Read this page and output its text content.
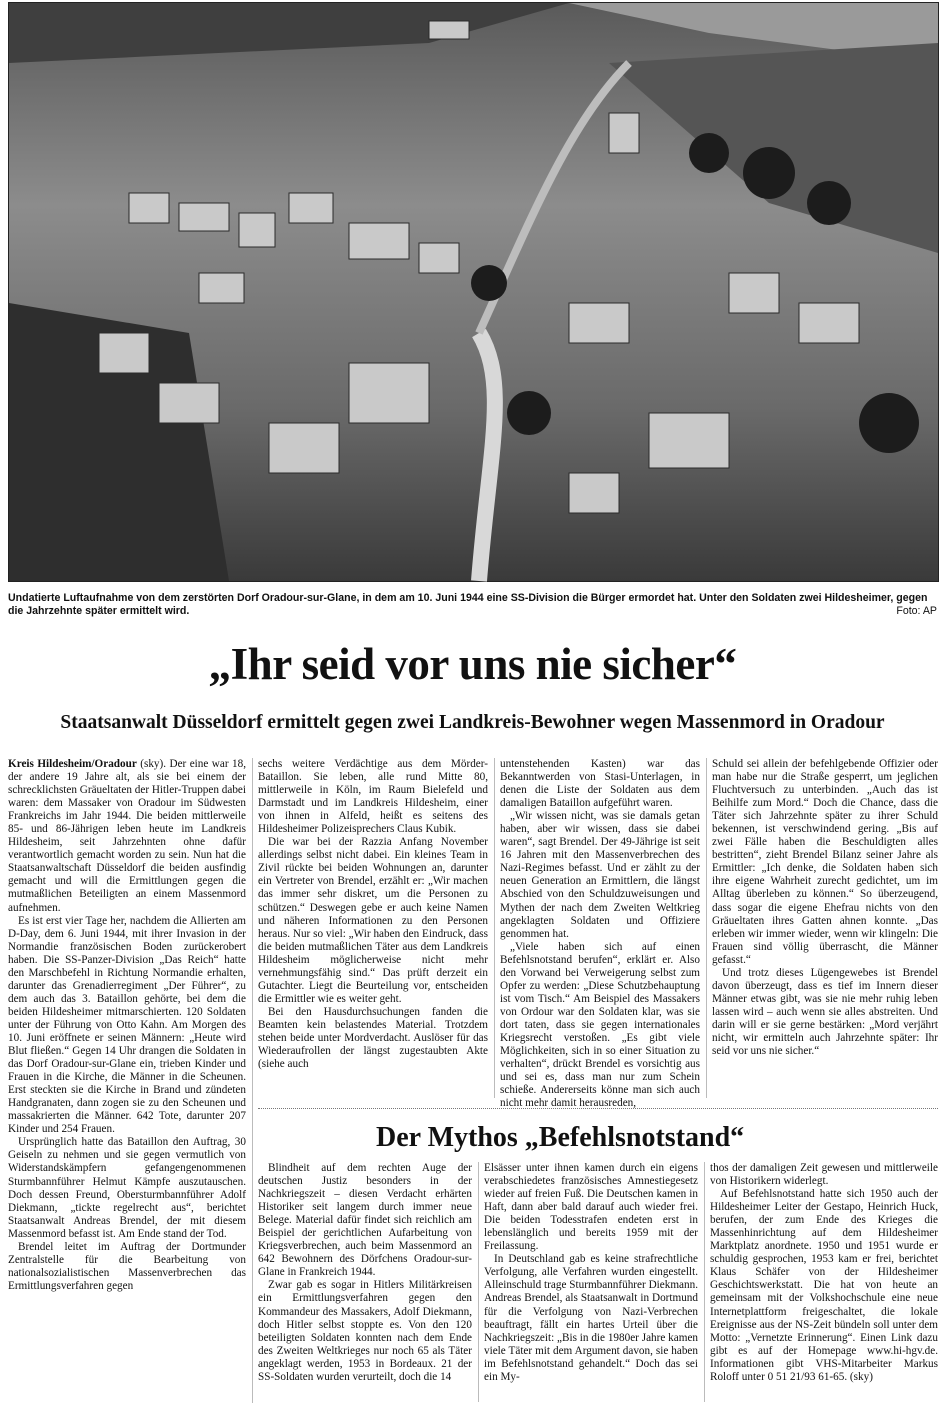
Undatierte Luftaufnahme von dem zerstörten Dorf Oradour-sur-Glane, in dem am 10. Juni 1944 eine SS-Division die Bürger ermordet hat. Unter den Soldaten zwei Hildesheimer, gegen die Jahrzehnte später ermittelt wird.	Foto: AP
„Ihr seid vor uns nie sicher“
Staatsanwalt Düsseldorf ermittelt gegen zwei Landkreis-Bewohner wegen Massenmord in Oradour

Kreis Hildesheim/Oradour (sky). Der eine war 18, der andere 19 Jahre alt, als sie bei einem der schrecklichsten Gräueltaten der Hitler-Truppen dabei waren: dem Massaker von Oradour im Südwesten Frankreichs im Jahr 1944. Die beiden mittlerweile 85- und 86-Jährigen leben heute im Landkreis Hildesheim, seit Jahrzehnten ohne dafür verantwortlich gemacht worden zu sein. Nun hat die Staatsanwaltschaft Düsseldorf die beiden ausfindig gemacht und will die Ermittlungen gegen die mutmaßlichen Beteiligten an einem Massenmord aufnehmen.

Es ist erst vier Tage her, nachdem die Allierten am D-Day, dem 6. Juni 1944, mit ihrer Invasion in der Normandie französischen Boden zurückerobert haben. Die SS-Panzer-Division „Das Reich“ hatte den Marschbefehl in Richtung Normandie erhalten, darunter das Grenadierregiment „Der Führer“, zu dem auch das 3. Bataillon gehörte, bei dem die beiden Hildesheimer mitmarschierten. 120 Soldaten unter der Führung von Otto Kahn. Am Morgen des 10. Juni eröffnete er seinen Männern: „Heute wird Blut fließen.“ Gegen 14 Uhr drangen die Soldaten in das Dorf Oradour-sur-Glane ein, trieben Kinder und Frauen in die Kirche, die Männer in die Scheunen. Erst steckten sie die Kirche in Brand und zündeten Handgranaten, dann zogen sie zu den Scheunen und massakrierten die Männer. 642 Tote, darunter 207 Kinder und 254 Frauen.

Ursprünglich hatte das Bataillon den Auftrag, 30 Geiseln zu nehmen und sie gegen vermutlich von Widerstandskämpfern gefangengenommenen Sturmbannführer Helmut Kämpfe auszutauschen. Doch dessen Freund, Obersturmbannführer Adolf Diekmann, „tickte regelrecht aus“, berichtet Staatsanwalt Andreas Brendel, der mit diesem Massenmord befasst ist. Am Ende stand der Tod.

Brendel leitet im Auftrag der Dortmunder Zentralstelle für die Bearbeitung von nationalsozialistischen Massenverbrechen das Ermittlungsverfahren gegen

sechs weitere Verdächtige aus dem Mörder-Bataillon. Sie leben, alle rund Mitte 80, mittlerweile in Köln, im Raum Bielefeld und Darmstadt und im Landkreis Hildesheim, einer von ihnen in Alfeld, heißt es seitens des Hildesheimer Polizeisprechers Claus Kubik.

Die war bei der Razzia Anfang November allerdings selbst nicht dabei. Ein kleines Team in Zivil rückte bei beiden Wohnungen an, darunter ein Vertreter von Brendel, erzählt er: „Wir machen das immer sehr diskret, um die Personen zu schützen.“ Deswegen gebe er auch keine Namen und näheren Informationen zu den Personen heraus. Nur so viel: „Wir haben den Eindruck, dass die beiden mutmaßlichen Täter aus dem Landkreis Hildesheim möglicherweise nicht mehr vernehmungsfähig sind.“ Das prüft derzeit ein Gutachter. Liegt die Beurteilung vor, entscheiden die Ermittler wie es weiter geht.

Bei den Hausdurchsuchungen fanden die Beamten kein belastendes Material. Trotzdem stehen beide unter Mordverdacht. Auslöser für das Wiederaufrollen der längst zugestaubten Akte (siehe auch

untenstehenden Kasten) war das Bekanntwerden von Stasi-Unterlagen, in denen die Liste der Soldaten aus dem damaligen Bataillon aufgeführt waren.

„Wir wissen nicht, was sie damals getan haben, aber wir wissen, dass sie dabei waren“, sagt Brendel. Der 49-Jährige ist seit 16 Jahren mit den Massenverbrechen des Nazi-Regimes befasst. Und er zählt zu der neuen Generation an Ermittlern, die längst Abschied von den Schuldzuweisungen und Mythen der nach dem Zweiten Weltkrieg angeklagten Soldaten und Offiziere genommen hat.

„Viele haben sich auf einen Befehlsnotstand berufen“, erklärt er. Also den Vorwand bei Verweigerung selbst zum Opfer zu werden: „Diese Schutzbehauptung ist vom Tisch.“ Am Beispiel des Massakers von Ordour war den Soldaten klar, was sie dort taten, dass sie gegen internationales Kriegsrecht verstoßen. „Es gibt viele Möglichkeiten, sich in so einer Situation zu verhalten“, drückt Brendel es vorsichtig aus und sei es, dass man nur zum Schein schieße. Andererseits könne man sich auch nicht mehr damit herausreden,

Schuld sei allein der befehlgebende Offizier oder man habe nur die Straße gesperrt, um jeglichen Fluchtversuch zu unterbinden. „Auch das ist Beihilfe zum Mord.“ Doch die Chance, dass die Täter sich Jahrzehnte später zu ihrer Schuld bekennen, ist verschwindend gering. „Bis auf zwei Fälle haben die Beschuldigten alles bestritten“, zieht Brendel Bilanz seiner Jahre als Ermittler: „Ich denke, die Soldaten haben sich ihre eigene Wahrheit zurecht gedichtet, um im Alltag überleben zu können.“ So überzeugend, dass sogar die eigene Ehefrau nichts von den Gräueltaten ihres Gatten ahnen konnte. „Das erleben wir immer wieder, wenn wir klingeln: Die Frauen sind völlig überrascht, die Männer gefasst.“

Und trotz dieses Lügengewebes ist Brendel davon überzeugt, dass es tief im Innern dieser Männer etwas gibt, was sie nie mehr ruhig leben lassen wird – auch wenn sie alles abstreiten. Und darin will er sie gerne bestärken: „Mord verjährt nicht, wir ermitteln auch Jahrzehnte später: Ihr seid vor uns nie sicher.“

Der Mythos „Befehlsnotstand“

Blindheit auf dem rechten Auge der deutschen Justiz besonders in der Nachkriegszeit – diesen Verdacht erhärten Historiker seit langem durch immer neue Belege. Material dafür findet sich reichlich am Beispiel der gerichtlichen Aufarbeitung von Kriegsverbrechen, auch beim Massenmord an 642 Bewohnern des Dörfchens Oradour-sur-Glane in Frankreich 1944.

Zwar gab es sogar in Hitlers Militärkreisen ein Ermittlungsverfahren gegen den Kommandeur des Massakers, Adolf Diekmann, doch Hitler selbst stoppte es. Von den 120 beteiligten Soldaten konnten nach dem Ende des Zweiten Weltkrieges nur noch 65 als Täter angeklagt werden, 1953 in Bordeaux. 21 der SS-Soldaten wurden verurteilt, doch die 14

Elsässer unter ihnen kamen durch ein eigens verabschiedetes französisches Amnestiegesetz wieder auf freien Fuß. Die Deutschen kamen in Haft, dann aber bald darauf auch wieder frei. Die beiden Todesstrafen endeten erst in lebenslänglich und bereits 1959 mit der Freilassung.

In Deutschland gab es keine strafrechtliche Verfolgung, alle Verfahren wurden eingestellt. Alleinschuld trage Sturmbannführer Diekmann. Andreas Brendel, als Staatsanwalt in Dortmund für die Verfolgung von Nazi-Verbrechen beauftragt, fällt ein hartes Urteil über die Nachkriegszeit: „Bis in die 1980er Jahre kamen viele Täter mit dem Argument davon, sie haben im Befehlsnotstand gehandelt.“ Doch das sei ein My-

thos der damaligen Zeit gewesen und mittlerweile von Historikern widerlegt.

Auf Befehlsnotstand hatte sich 1950 auch der Hildesheimer Leiter der Gestapo, Heinrich Huck, berufen, der zum Ende des Krieges die Massenhinrichtung auf dem Hildesheimer Marktplatz anordnete. 1950 und 1951 wurde er schuldig gesprochen, 1953 kam er frei, berichtet Klaus Schäfer von der Hildesheimer Geschichtswerkstatt. Die hat von heute an gemeinsam mit der Volkshochschule eine neue Internetplattform freigeschaltet, die lokale Ereignisse aus der NS-Zeit bündeln soll unter dem Motto: „Vernetzte Erinnerung“. Einen Link dazu gibt es auf der Homepage www.hi-hgv.de. Informationen gibt VHS-Mitarbeiter Markus Roloff unter 0 51 21/93 61-65. (sky)
